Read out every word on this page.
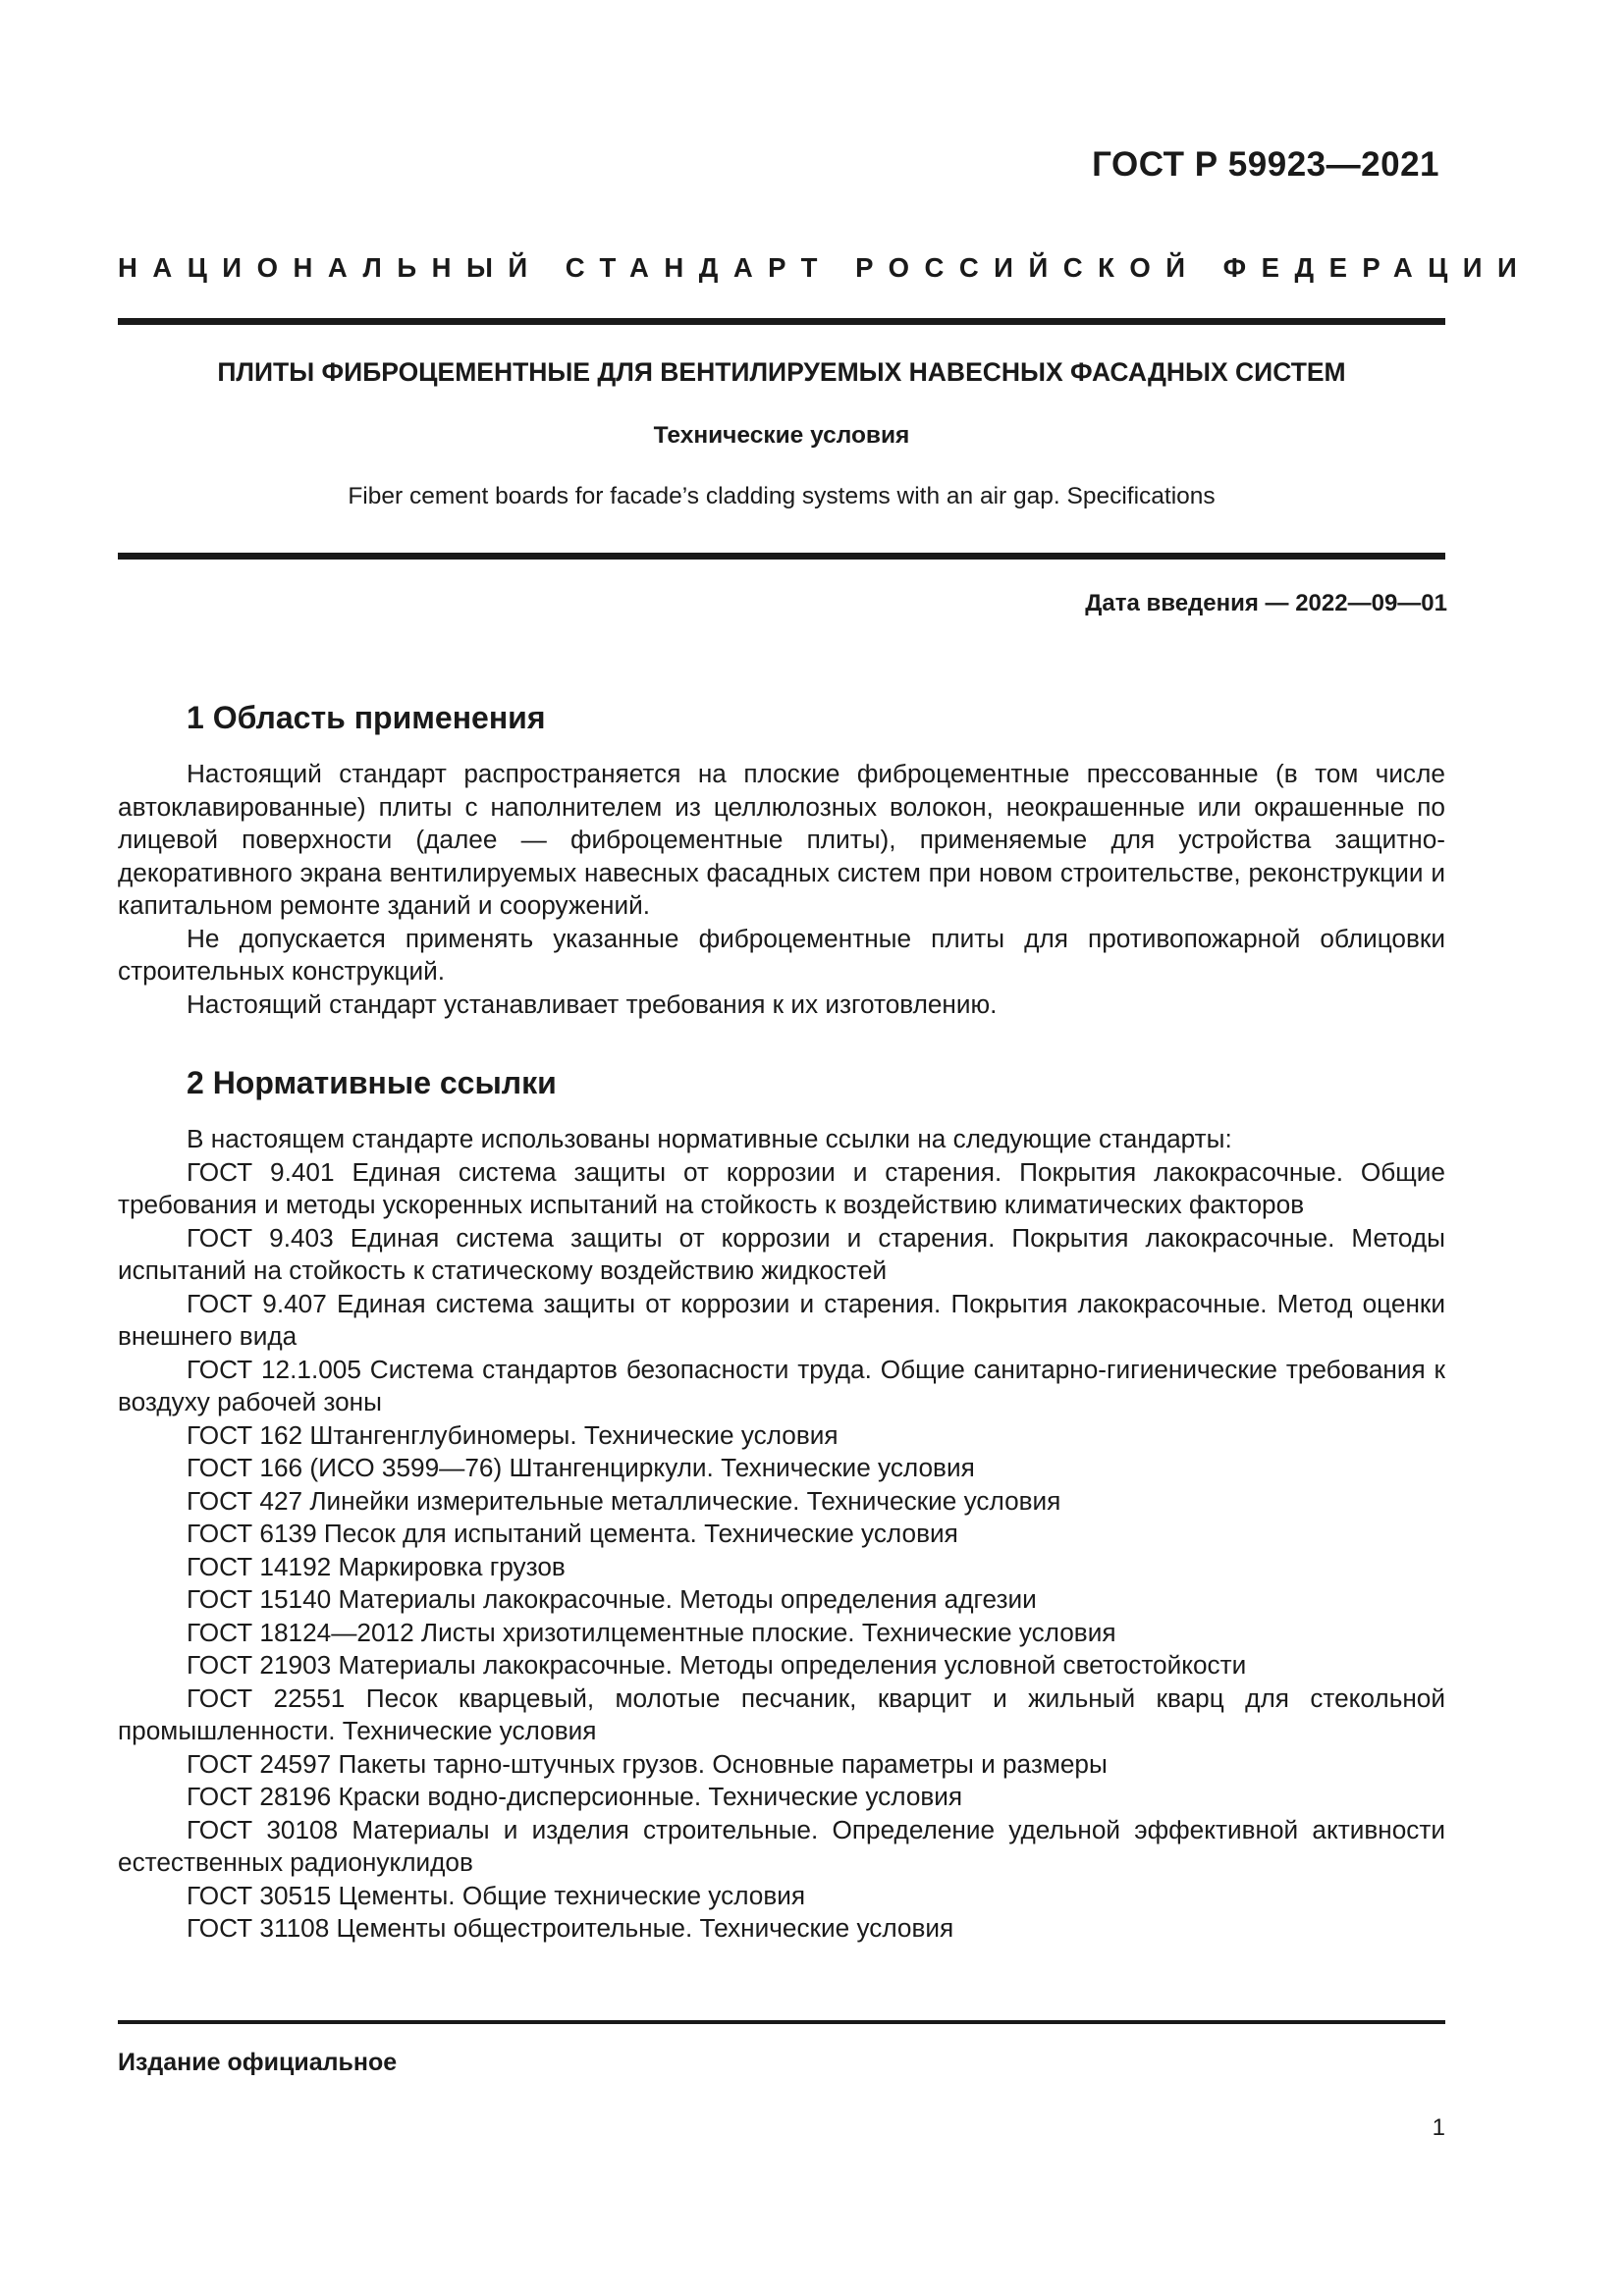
ГОСТ Р 59923—2021
НАЦИОНАЛЬНЫЙ СТАНДАРТ РОССИЙСКОЙ ФЕДЕРАЦИИ
ПЛИТЫ ФИБРОЦЕМЕНТНЫЕ ДЛЯ ВЕНТИЛИРУЕМЫХ НАВЕСНЫХ ФАСАДНЫХ СИСТЕМ
Технические условия
Fiber cement boards for facade’s cladding systems with an air gap. Specifications
Дата введения — 2022—09—01
1 Область применения

Настоящий стандарт распространяется на плоские фиброцементные прессованные (в том числе автоклавированные) плиты с наполнителем из целлюлозных волокон, неокрашенные или окрашенные по лицевой поверхности (далее — фиброцементные плиты), применяемые для устройства защитно-декоративного экрана вентилируемых навесных фасадных систем при новом строительстве, реконструкции и капитальном ремонте зданий и сооружений.

Не допускается применять указанные фиброцементные плиты для противопожарной облицовки строительных конструкций.

Настоящий стандарт устанавливает требования к их изготовлению.

2 Нормативные ссылки

В настоящем стандарте использованы нормативные ссылки на следующие стандарты:

ГОСТ 9.401 Единая система защиты от коррозии и старения. Покрытия лакокрасочные. Общие требования и методы ускоренных испытаний на стойкость к воздействию климатических факторов

ГОСТ 9.403 Единая система защиты от коррозии и старения. Покрытия лакокрасочные. Методы испытаний на стойкость к статическому воздействию жидкостей

ГОСТ 9.407 Единая система защиты от коррозии и старения. Покрытия лакокрасочные. Метод оценки внешнего вида

ГОСТ 12.1.005 Система стандартов безопасности труда. Общие санитарно-гигиенические требования к воздуху рабочей зоны

ГОСТ 162 Штангенглубиномеры. Технические условия

ГОСТ 166 (ИСО 3599—76) Штангенциркули. Технические условия

ГОСТ 427 Линейки измерительные металлические. Технические условия

ГОСТ 6139 Песок для испытаний цемента. Технические условия

ГОСТ 14192 Маркировка грузов

ГОСТ 15140 Материалы лакокрасочные. Методы определения адгезии

ГОСТ 18124—2012 Листы хризотилцементные плоские. Технические условия

ГОСТ 21903 Материалы лакокрасочные. Методы определения условной светостойкости

ГОСТ 22551 Песок кварцевый, молотые песчаник, кварцит и жильный кварц для стекольной промышленности. Технические условия

ГОСТ 24597 Пакеты тарно-штучных грузов. Основные параметры и размеры

ГОСТ 28196 Краски водно-дисперсионные. Технические условия

ГОСТ 30108 Материалы и изделия строительные. Определение удельной эффективной активности естественных радионуклидов

ГОСТ 30515 Цементы. Общие технические условия

ГОСТ 31108 Цементы общестроительные. Технические условия

Издание официальное
1
